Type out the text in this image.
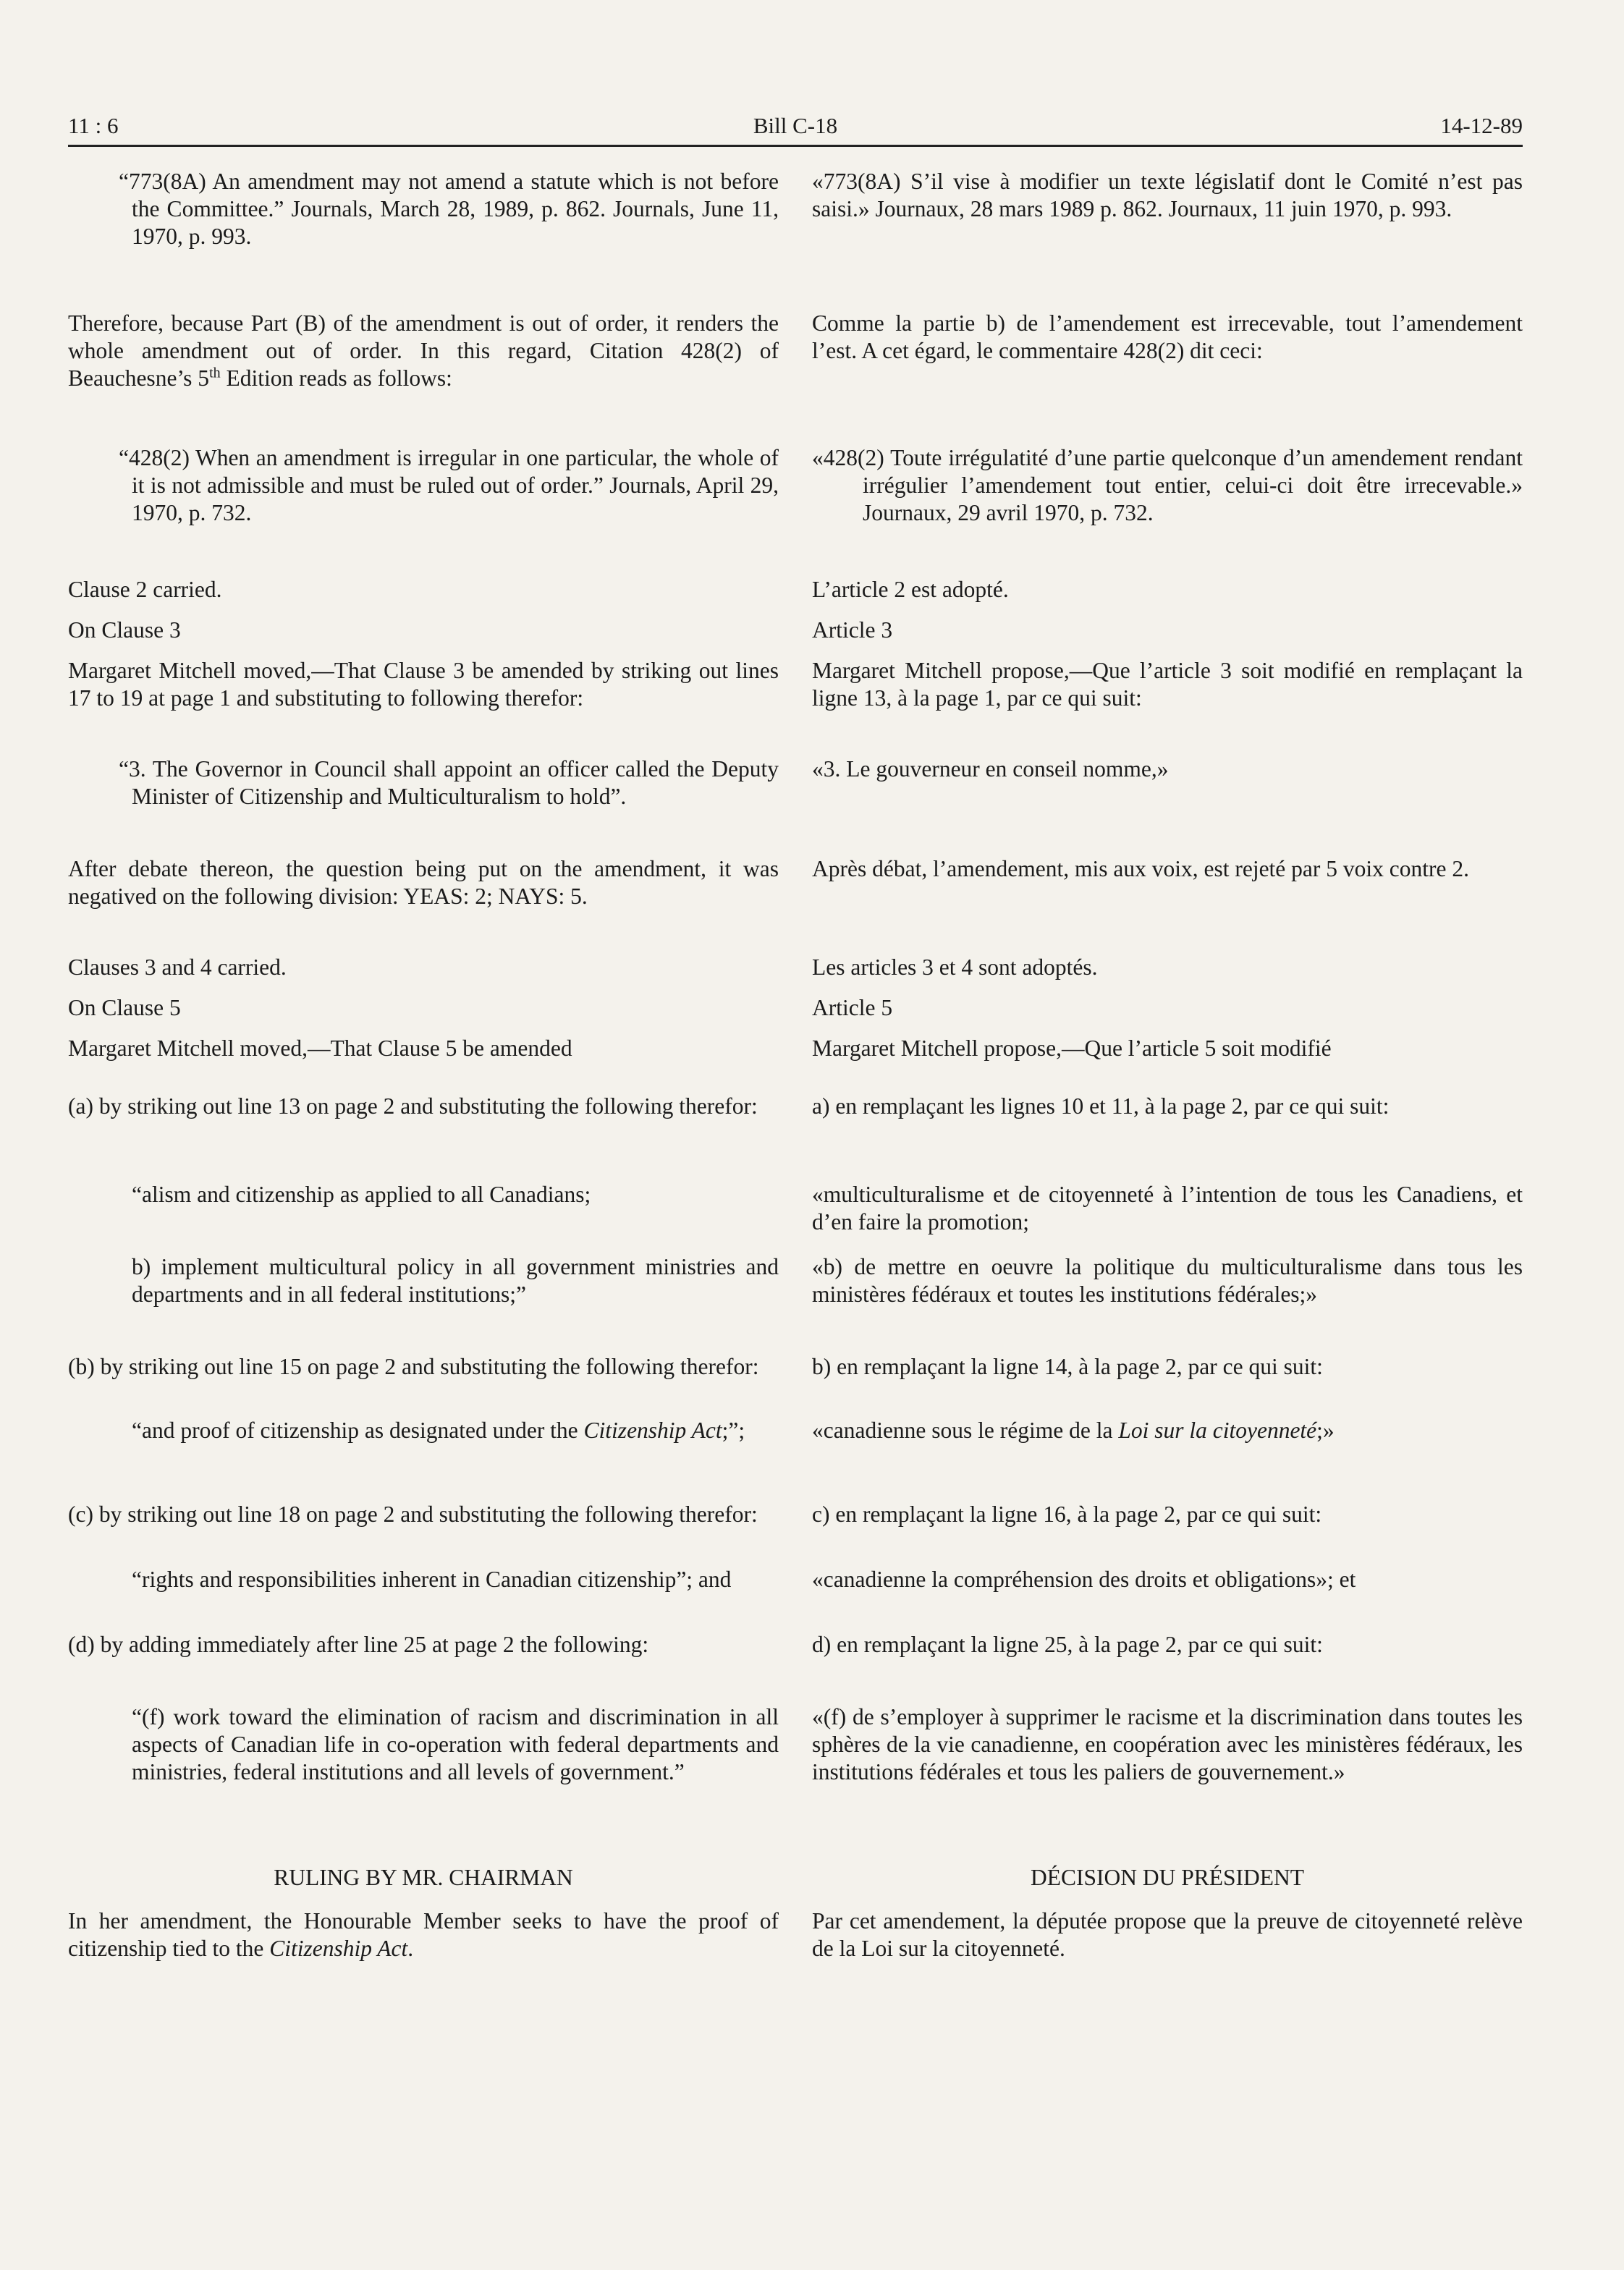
11 : 6	Bill C-18	14-12-89

“773(8A) An amendment may not amend a statute which is not before the Committee.” Journals, March 28, 1989, p. 862. Journals, June 11, 1970, p. 993.

Therefore, because Part (B) of the amendment is out of order, it renders the whole amendment out of order. In this regard, Citation 428(2) of Beauchesne’s 5th Edition reads as follows:

“428(2) When an amendment is irregular in one particular, the whole of it is not admissible and must be ruled out of order.” Journals, April 29, 1970, p. 732.

Clause 2 carried.

On Clause 3

Margaret Mitchell moved,—That Clause 3 be amended by striking out lines 17 to 19 at page 1 and substituting to following therefor:

“3. The Governor in Council shall appoint an officer called the Deputy Minister of Citizenship and Multiculturalism to hold”.

After debate thereon, the question being put on the amendment, it was negatived on the following division: YEAS: 2; NAYS: 5.

Clauses 3 and 4 carried.

On Clause 5

Margaret Mitchell moved,—That Clause 5 be amended

(a) by striking out line 13 on page 2 and substituting the following therefor:

“alism and citizenship as applied to all Canadians;

b) implement multicultural policy in all government ministries and departments and in all federal institutions;”

(b) by striking out line 15 on page 2 and substituting the following therefor:

“and proof of citizenship as designated under the Citizenship Act;”;

(c) by striking out line 18 on page 2 and substituting the following therefor:

“rights and responsibilities inherent in Canadian citizenship”; and

(d) by adding immediately after line 25 at page 2 the following:

“(f) work toward the elimination of racism and discrimination in all aspects of Canadian life in co-operation with federal departments and ministries, federal institutions and all levels of government.”

RULING BY MR. CHAIRMAN

In her amendment, the Honourable Member seeks to have the proof of citizenship tied to the Citizenship Act.

«773(8A) S’il vise à modifier un texte législatif dont le Comité n’est pas saisi.» Journaux, 28 mars 1989 p. 862. Journaux, 11 juin 1970, p. 993.

Comme la partie b) de l’amendement est irrecevable, tout l’amendement l’est. A cet égard, le commentaire 428(2) dit ceci:

«428(2) Toute irrégulatité d’une partie quelconque d’un amendement rendant irrégulier l’amendement tout entier, celui-ci doit être irrecevable.» Journaux, 29 avril 1970, p. 732.

L’article 2 est adopté.

Article 3

Margaret Mitchell propose,—Que l’article 3 soit modifié en remplaçant la ligne 13, à la page 1, par ce qui suit:

«3. Le gouverneur en conseil nomme,»

Après débat, l’amendement, mis aux voix, est rejeté par 5 voix contre 2.

Les articles 3 et 4 sont adoptés.

Article 5

Margaret Mitchell propose,—Que l’article 5 soit modifié

a) en remplaçant les lignes 10 et 11, à la page 2, par ce qui suit:

«multiculturalisme et de citoyenneté à l’intention de tous les Canadiens, et d’en faire la promotion;

«b) de mettre en oeuvre la politique du multiculturalisme dans tous les ministères fédéraux et toutes les institutions fédérales;»

b) en remplaçant la ligne 14, à la page 2, par ce qui suit:

«canadienne sous le régime de la Loi sur la citoyenneté;»

c) en remplaçant la ligne 16, à la page 2, par ce qui suit:

«canadienne la compréhension des droits et obligations»; et

d) en remplaçant la ligne 25, à la page 2, par ce qui suit:

«(f) de s’employer à supprimer le racisme et la discrimination dans toutes les sphères de la vie canadienne, en coopération avec les ministères fédéraux, les institutions fédérales et tous les paliers de gouvernement.»

DÉCISION DU PRÉSIDENT

Par cet amendement, la députée propose que la preuve de citoyenneté relève de la Loi sur la citoyenneté.
